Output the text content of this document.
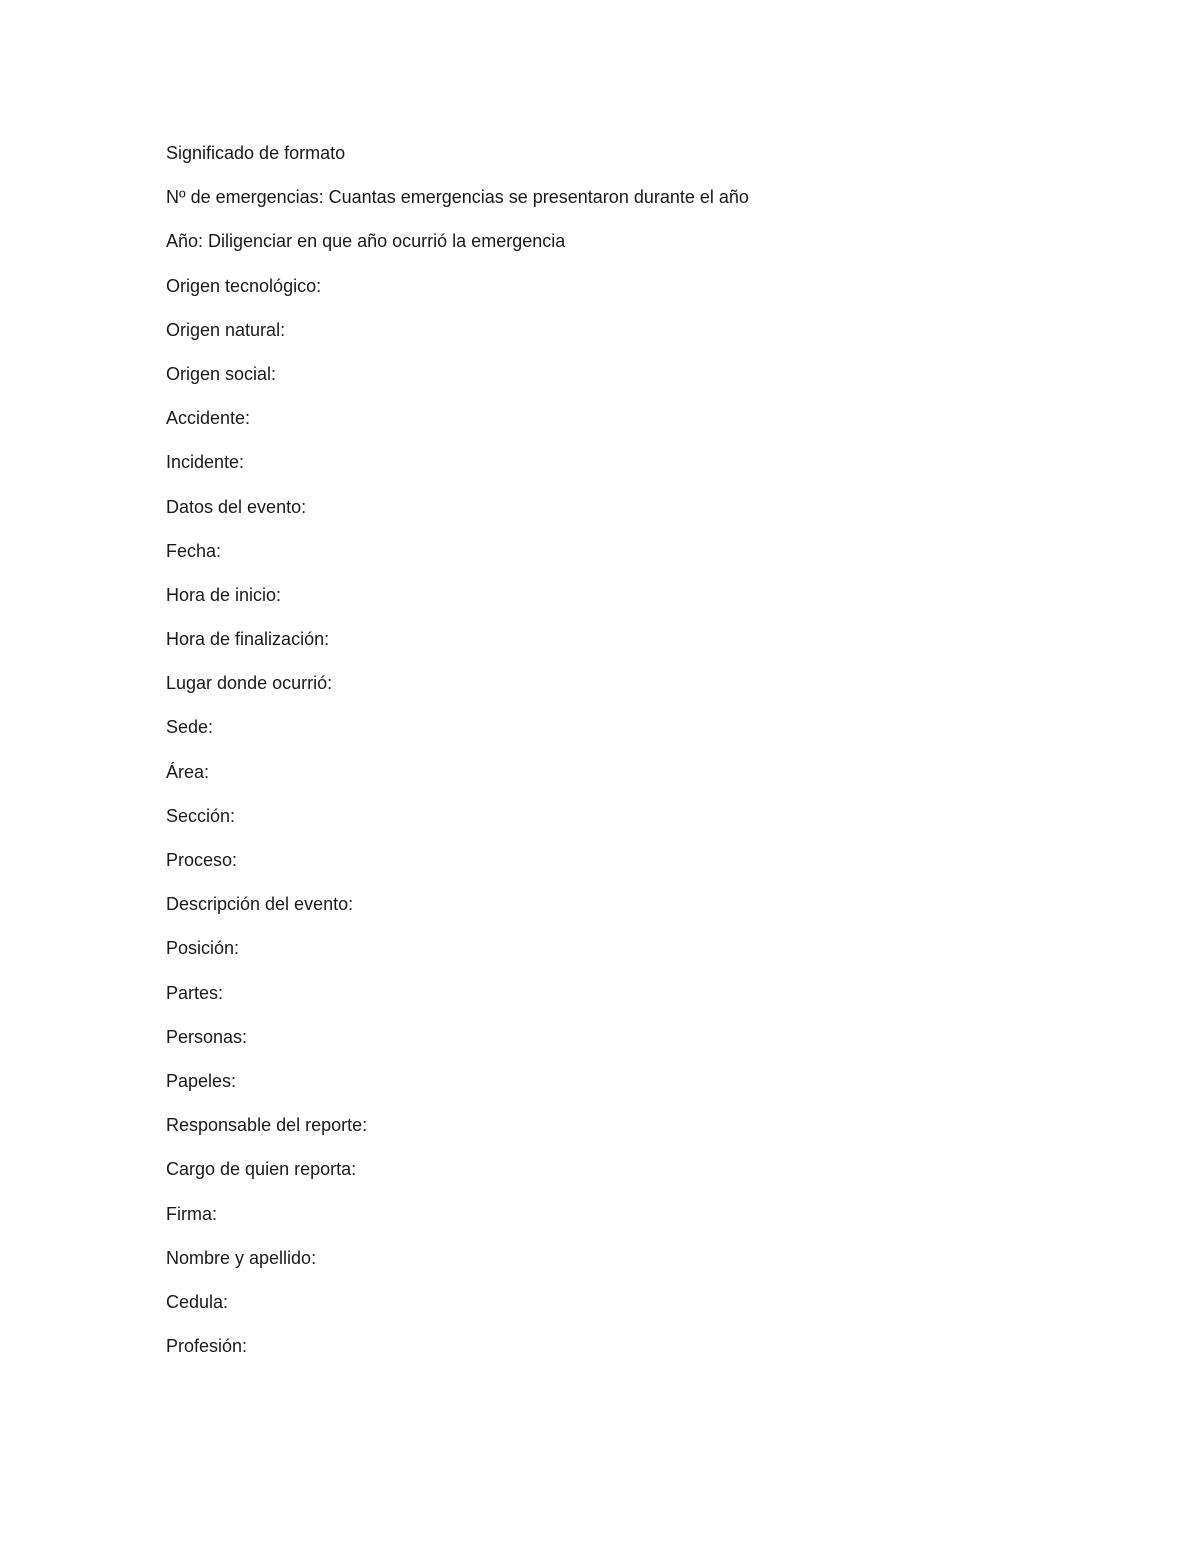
Significado de formato
Nº de emergencias: Cuantas emergencias se presentaron durante el año
Año: Diligenciar en que año ocurrió la emergencia
Origen tecnológico:
Origen natural:
Origen social:
Accidente:
Incidente:
Datos del evento:
Fecha:
Hora de inicio:
Hora de finalización:
Lugar donde ocurrió:
Sede:
Área:
Sección:
Proceso:
Descripción del evento:
Posición:
Partes:
Personas:
Papeles:
Responsable del reporte:
Cargo de quien reporta:
Firma:
Nombre y apellido:
Cedula:
Profesión:
